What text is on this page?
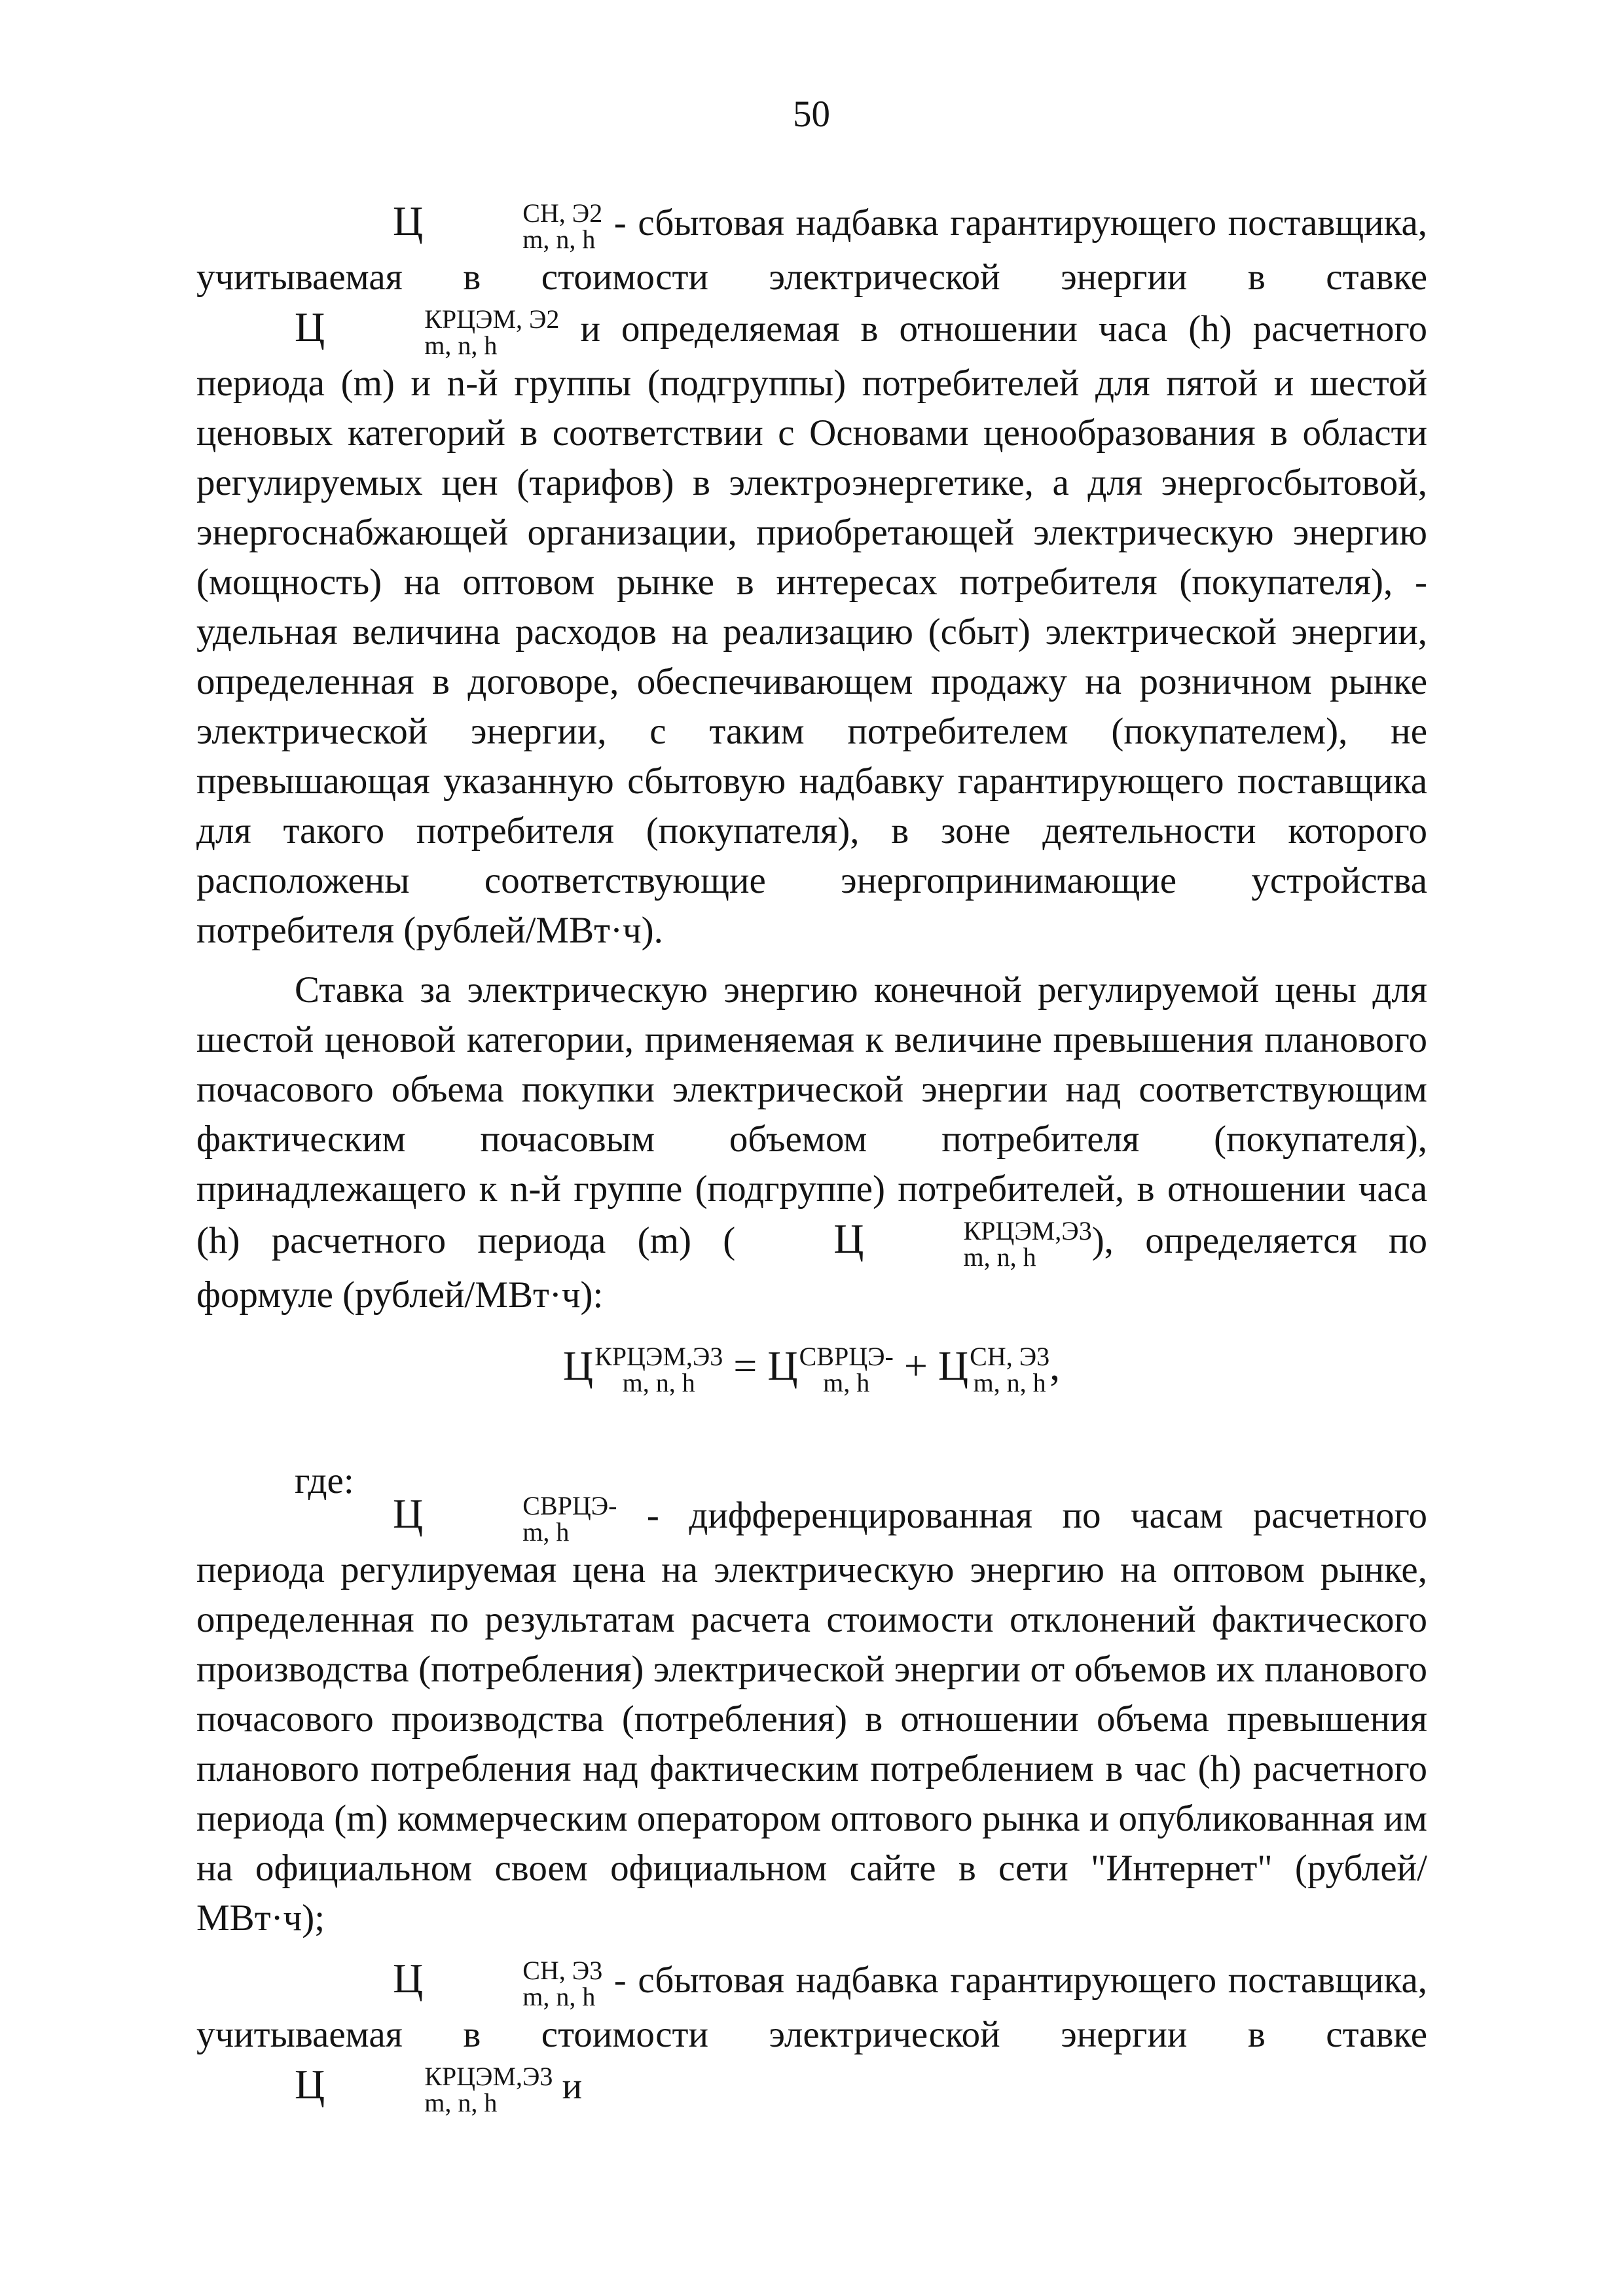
50
Ц	СН, Э2
m, n, h - сбытовая надбавка гарантирующего поставщика, учитываемая в стоимости электрической энергии в ставке Ц	КРЦЭМ, Э2
m, n, h	и определяемая в отношении часа (h) расчетного периода (m) и n-й группы (подгруппы) потребителей для пятой и шестой ценовых категорий в соответствии с Основами ценообразования в области регулируемых цен (тарифов) в электроэнергетике, а для энергосбытовой, энергоснабжающей организации, приобретающей электрическую энергию (мощность) на оптовом рынке в интересах потребителя (покупателя), - удельная величина расходов на реализацию (сбыт) электрической энергии, определенная в договоре, обеспечивающем продажу на розничном рынке электрической энергии, с таким потребителем (покупателем), не превышающая указанную сбытовую надбавку гарантирующего поставщика для такого потребителя (покупателя), в зоне деятельности которого расположены соответствующие энергопринимающие устройства потребителя (рублей/МВт·ч).
Ставка за электрическую энергию конечной регулируемой цены для шестой ценовой категории, применяемая к величине превышения планового почасового объема покупки электрической энергии над соответствующим фактическим почасовым объемом потребителя (покупателя), принадлежащего к n-й группе (подгруппе) потребителей, в отношении часа (h) расчетного периода (m) ( Ц	КРЦЭМ,Э3
m, n, h	), определяется по формуле (рублей/МВт·ч):
Ц КРЦЭМ,Э3
m, n, h = Ц СВРЦЭ-
m, h + Ц СН, Э3
m, n, h ,
где:
Ц	СВРЦЭ-
m, h	- дифференцированная по часам расчетного периода регулируемая цена на электрическую энергию на оптовом рынке, определенная по результатам расчета стоимости отклонений фактического производства (потребления) электрической энергии от объемов их планового почасового производства (потребления) в отношении объема превышения планового потребления над фактическим потреблением в час (h) расчетного периода (m) коммерческим оператором оптового рынка и опубликованная им на официальном своем официальном сайте в сети "Интернет" (рублей/МВт·ч);
Ц	СН, Э3
m, n, h - сбытовая надбавка гарантирующего поставщика, учитываемая в стоимости электрической энергии в ставке Ц	КРЦЭМ,Э3
m, n, h	и
